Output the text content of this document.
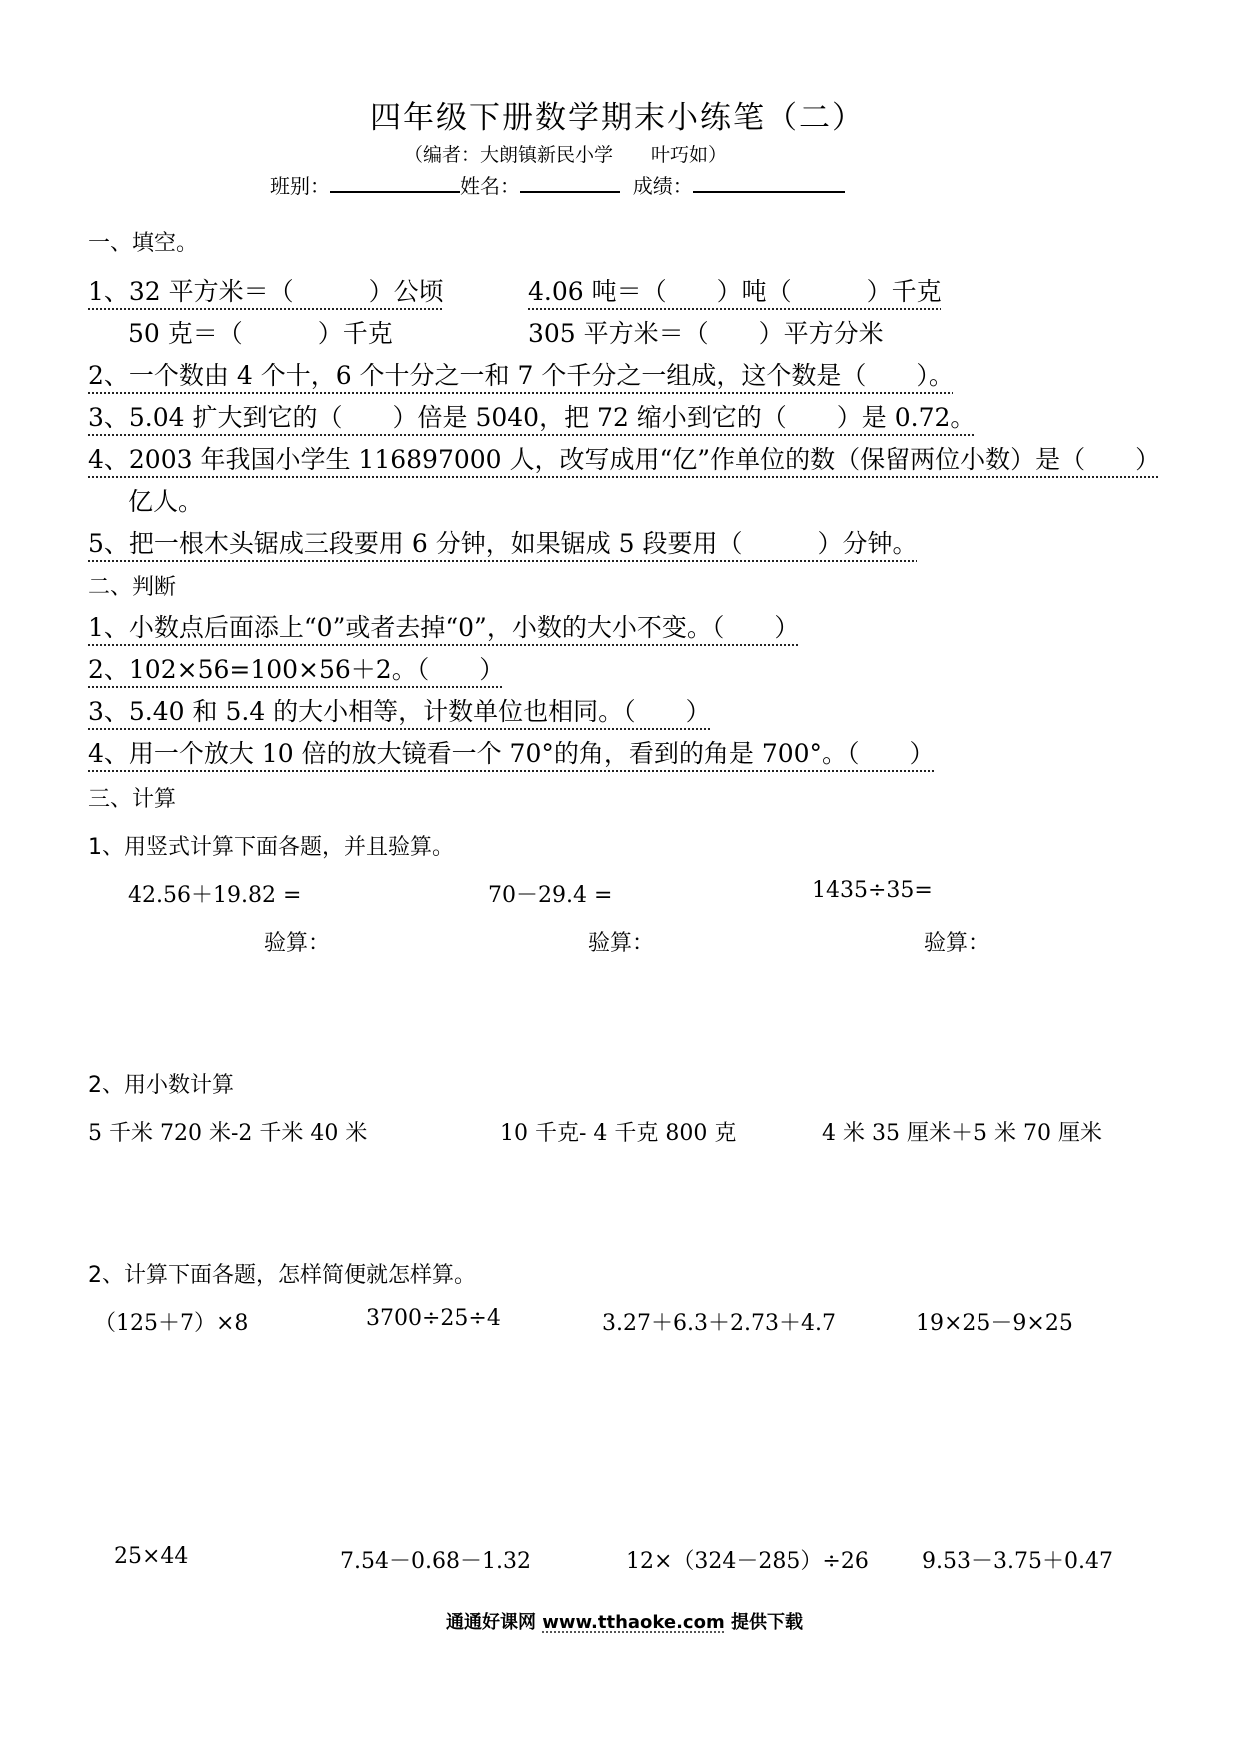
四年级下册数学期末小练笔（二）
（编者：大朗镇新民小学　　叶巧如）
班别：	姓名：	成绩：
一、填空。
1、32 平方米＝（　　　）公顷	4.06 吨＝（　　）吨（　　　）千克
50 克＝（　　　）千克	305 平方米＝（　　）平方分米
2、一个数由 4 个十，6 个十分之一和 7 个千分之一组成，这个数是（　　）。
3、5.04 扩大到它的（　　）倍是 5040，把 72 缩小到它的（　　）是 0.72。
4、2003 年我国小学生 116897000 人，改写成用“亿”作单位的数（保留两位小数）是（　　）
亿人。
5、把一根木头锯成三段要用 6 分钟，如果锯成 5 段要用（　　　）分钟。
二、判断
1、小数点后面添上“0”或者去掉“0”，小数的大小不变。（　　）
2、102×56=100×56＋2。（　　）
3、5.40 和 5.4 的大小相等，计数单位也相同。（　　）
4、用一个放大 10 倍的放大镜看一个 70°的角，看到的角是 700°。（　　）
三、计算
1、用竖式计算下面各题，并且验算。
42.56＋19.82 =	70－29.4 =	1435÷35=
验算：	验算：	验算：
2、用小数计算
5 千米 720 米-2 千米 40 米	10 千克- 4 千克 800 克	4 米 35 厘米＋5 米 70 厘米
2、计算下面各题，怎样简便就怎样算。
（125＋7）×8	3700÷25÷4	3.27＋6.3＋2.73＋4.7	19×25－9×25
25×44	7.54－0.68－1.32	12×（324－285）÷26 9.53－3.75＋0.47
通通好课网 www.tthaoke.com 提供下载
